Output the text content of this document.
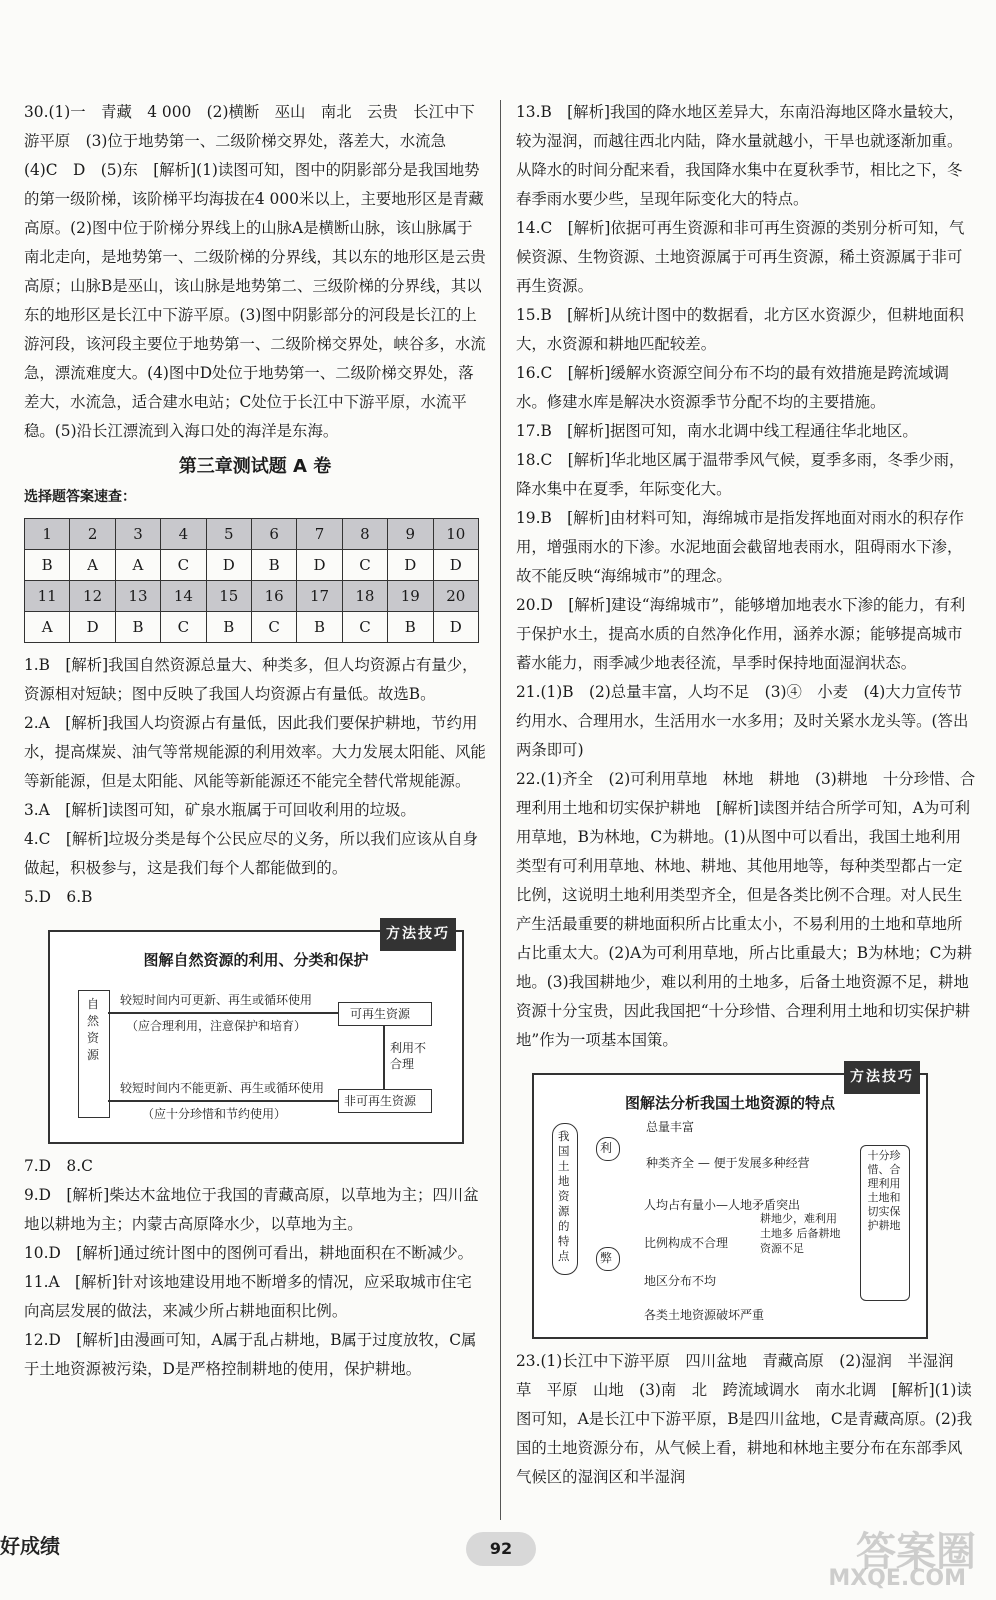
30.(1)一　青藏　4 000　(2)横断　巫山　南北　云贵　长江中下游平原　(3)位于地势第一、二级阶梯交界处，落差大，水流急　(4)C　D　(5)东　[解析](1)读图可知，图中的阴影部分是我国地势的第一级阶梯，该阶梯平均海拔在4 000米以上，主要地形区是青藏高原。(2)图中位于阶梯分界线上的山脉A是横断山脉，该山脉属于南北走向，是地势第一、二级阶梯的分界线，其以东的地形区是云贵高原；山脉B是巫山，该山脉是地势第二、三级阶梯的分界线，其以东的地形区是长江中下游平原。(3)图中阴影部分的河段是长江的上游河段，该河段主要位于地势第一、二级阶梯交界处，峡谷多，水流急，漂流难度大。(4)图中D处位于地势第一、二级阶梯交界处，落差大，水流急，适合建水电站；C处位于长江中下游平原，水流平稳。(5)沿长江漂流到入海口处的海洋是东海。

第三章测试题 A 卷
选择题答案速查：
1	2	3	4	5	6	7	8	9	10
B	A	A	C	D	B	D	C	D	D
11	12	13	14	15	16	17	18	19	20
A	D	B	C	B	C	B	C	B	D

1.B　[解析]我国自然资源总量大、种类多，但人均资源占有量少，资源相对短缺；图中反映了我国人均资源占有量低。故选B。

2.A　[解析]我国人均资源占有量低，因此我们要保护耕地，节约用水，提高煤炭、油气等常规能源的利用效率。大力发展太阳能、风能等新能源，但是太阳能、风能等新能源还不能完全替代常规能源。

3.A　[解析]读图可知，矿泉水瓶属于可回收利用的垃圾。

4.C　[解析]垃圾分类是每个公民应尽的义务，所以我们应该从自身做起，积极参与，这是我们每个人都能做到的。

5.D　6.B

方法技巧
图解自然资源的利用、分类和保护
自然资源
较短时间内可更新、再生或循环使用
（应合理利用，注意保护和培育）
可再生资源
利用不合理
较短时间内不能更新、再生或循环使用
（应十分珍惜和节约使用）
非可再生资源

7.D　8.C

9.D　[解析]柴达木盆地位于我国的青藏高原，以草地为主；四川盆地以耕地为主；内蒙古高原降水少，以草地为主。

10.D　[解析]通过统计图中的图例可看出，耕地面积在不断减少。

11.A　[解析]针对该地建设用地不断增多的情况，应采取城市住宅向高层发展的做法，来减少所占耕地面积比例。

12.D　[解析]由漫画可知，A属于乱占耕地，B属于过度放牧，C属于土地资源被污染，D是严格控制耕地的使用，保护耕地。

13.B　[解析]我国的降水地区差异大，东南沿海地区降水量较大，较为湿润，而越往西北内陆，降水量就越小，干旱也就逐渐加重。从降水的时间分配来看，我国降水集中在夏秋季节，相比之下，冬春季雨水要少些，呈现年际变化大的特点。

14.C　[解析]依据可再生资源和非可再生资源的类别分析可知，气候资源、生物资源、土地资源属于可再生资源，稀土资源属于非可再生资源。

15.B　[解析]从统计图中的数据看，北方区水资源少，但耕地面积大，水资源和耕地匹配较差。

16.C　[解析]缓解水资源空间分布不均的最有效措施是跨流域调水。修建水库是解决水资源季节分配不均的主要措施。

17.B　[解析]据图可知，南水北调中线工程通往华北地区。

18.C　[解析]华北地区属于温带季风气候，夏季多雨，冬季少雨，降水集中在夏季，年际变化大。

19.B　[解析]由材料可知，海绵城市是指发挥地面对雨水的积存作用，增强雨水的下渗。水泥地面会截留地表雨水，阻碍雨水下渗，故不能反映“海绵城市”的理念。

20.D　[解析]建设“海绵城市”，能够增加地表水下渗的能力，有利于保护水土，提高水质的自然净化作用，涵养水源；能够提高城市蓄水能力，雨季减少地表径流，旱季时保持地面湿润状态。

21.(1)B　(2)总量丰富，人均不足　(3)④　小麦　(4)大力宣传节约用水、合理用水，生活用水一水多用；及时关紧水龙头等。(答出两条即可)

22.(1)齐全　(2)可利用草地　林地　耕地　(3)耕地　十分珍惜、合理利用土地和切实保护耕地　[解析]读图并结合所学可知，A为可利用草地，B为林地，C为耕地。(1)从图中可以看出，我国土地利用类型有可利用草地、林地、耕地、其他用地等，每种类型都占一定比例，这说明土地利用类型齐全，但是各类比例不合理。对人民生产生活最重要的耕地面积所占比重太小，不易利用的土地和草地所占比重太大。(2)A为可利用草地，所占比重最大；B为林地；C为耕地。(3)我国耕地少，难以利用的土地多，后备土地资源不足，耕地资源十分宝贵，因此我国把“十分珍惜、合理利用土地和切实保护耕地”作为一项基本国策。

方法技巧
图解法分析我国土地资源的特点
我国土地资源的特点
利
弊
总量丰富
种类齐全 — 便于发展多种经营
人均占有量小—人地矛盾突出
比例构成不合理
地区分布不均
各类土地资源破坏严重
耕地少，难利用土地多 后备耕地资源不足
十分珍惜、合理利用土地和切实保护耕地

23.(1)长江中下游平原　四川盆地　青藏高原　(2)湿润　半湿润　草　平原　山地　(3)南　北　跨流域调水　南水北调　[解析](1)读图可知，A是长江中下游平原，B是四川盆地，C是青藏高原。(2)我国的土地资源分布，从气候上看，耕地和林地主要分布在东部季风气候区的湿润区和半湿润

好成绩	92	答案圈
MXQE.COM
